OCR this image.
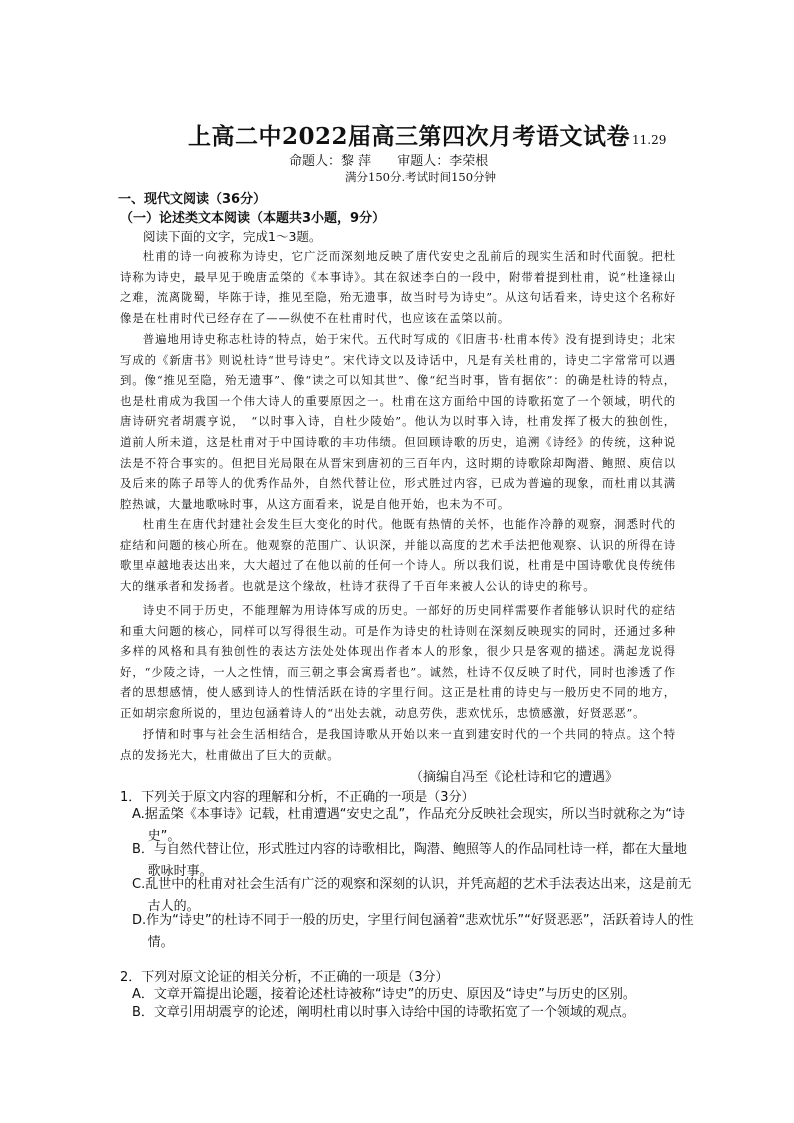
上高二中2022届高三第四次月考语文试卷 11.29
命题人：黎 萍 审题人：李荣根
满分150分.考试时间150分钟
一、现代文阅读（36分）
（一）论述类文本阅读（本题共3小题，9分）
阅读下面的文字，完成1～3题。
杜甫的诗一向被称为诗史，它广泛而深刻地反映了唐代安史之乱前后的现实生活和时代面貌。把杜诗称为诗史，最早见于晚唐孟棨的《本事诗》。其在叙述李白的一段中，附带着提到杜甫，说“杜逢禄山之难，流离陇蜀，毕陈于诗，推见至隐，殆无遗事，故当时号为诗史”。从这句话看来，诗史这个名称好像是在杜甫时代已经存在了——纵使不在杜甫时代，也应该在孟棨以前。
普遍地用诗史称志杜诗的特点，始于宋代。五代时写成的《旧唐书·杜甫本传》没有提到诗史；北宋写成的《新唐书》则说杜诗“世号诗史”。宋代诗文以及诗话中，凡是有关杜甫的，诗史二字常常可以遇到。像“推见至隐，殆无遗事”、像“读之可以知其世”、像“纪当时事，皆有据依”：的确是杜诗的特点，也是杜甫成为我国一个伟大诗人的重要原因之一。杜甫在这方面给中国的诗歌拓宽了一个领域，明代的唐诗研究者胡震亨说，　“以时事入诗，自杜少陵始”。他认为以时事入诗，杜甫发挥了极大的独创性，道前人所未道，这是杜甫对于中国诗歌的丰功伟绩。但回顾诗歌的历史，追溯《诗经》的传统，这种说法是不符合事实的。但把目光局限在从晋宋到唐初的三百年内，这时期的诗歌除却陶潜、鲍照、庾信以及后来的陈子昂等人的优秀作品外，自然代替让位，形式胜过内容，已成为普遍的现象，而杜甫以其满腔热诚，大量地歌咏时事，从这方面看来，说是自他开始，也未为不可。
杜甫生在唐代封建社会发生巨大变化的时代。他既有热情的关怀，也能作冷静的观察，洞悉时代的症结和问题的核心所在。他观察的范围广、认识深，并能以高度的艺术手法把他观察、认识的所得在诗歌里卓越地表达出来，大大超过了在他以前的任何一个诗人。所以我们说，杜甫是中国诗歌优良传统伟大的继承者和发扬者。也就是这个缘故，杜诗才获得了千百年来被人公认的诗史的称号。
诗史不同于历史，不能理解为用诗体写成的历史。一部好的历史同样需要作者能够认识时代的症结和重大问题的核心，同样可以写得很生动。可是作为诗史的杜诗则在深刻反映现实的同时，还通过多种多样的风格和具有独创性的表达方法处处体现出作者本人的形象，很少只是客观的描述。满起龙说得好，“少陵之诗，一人之性情，而三朝之事会寓焉者也”。诚然，杜诗不仅反映了时代，同时也渗透了作者的思想感情，使人感到诗人的性情活跃在诗的字里行间。这正是杜甫的诗史与一般历史不同的地方，正如胡宗愈所说的，里边包涵着诗人的“出处去就，动息劳佚，悲欢忧乐，忠愤感激，好贤恶恶”。
抒情和时事与社会生活相结合，是我国诗歌从开始以来一直到建安时代的一个共同的特点。这个特点的发扬光大，杜甫做出了巨大的贡献。
（摘编自冯至《论杜诗和它的遭遇》
1．下列关于原文内容的理解和分析，不正确的一项是（3分）
A.据孟棨《本事诗》记载，杜甫遭遇“安史之乱”，作品充分反映社会现实，所以当时就称之为“诗史”。
B．与自然代替让位，形式胜过内容的诗歌相比，陶潜、鲍照等人的作品同杜诗一样，都在大量地歌咏时事。
C.乱世中的杜甫对社会生活有广泛的观察和深刻的认识，并凭高超的艺术手法表达出来，这是前无古人的。
D.作为“诗史”的杜诗不同于一般的历史，字里行间包涵着“悲欢忧乐”“好贤恶恶”，活跃着诗人的性情。
2．下列对原文论证的相关分析，不正确的一项是（3分）
A．文章开篇提出论题，接着论述杜诗被称“诗史”的历史、原因及“诗史”与历史的区别。
B．文章引用胡震亨的论述，阐明杜甫以时事入诗给中国的诗歌拓宽了一个领域的观点。
